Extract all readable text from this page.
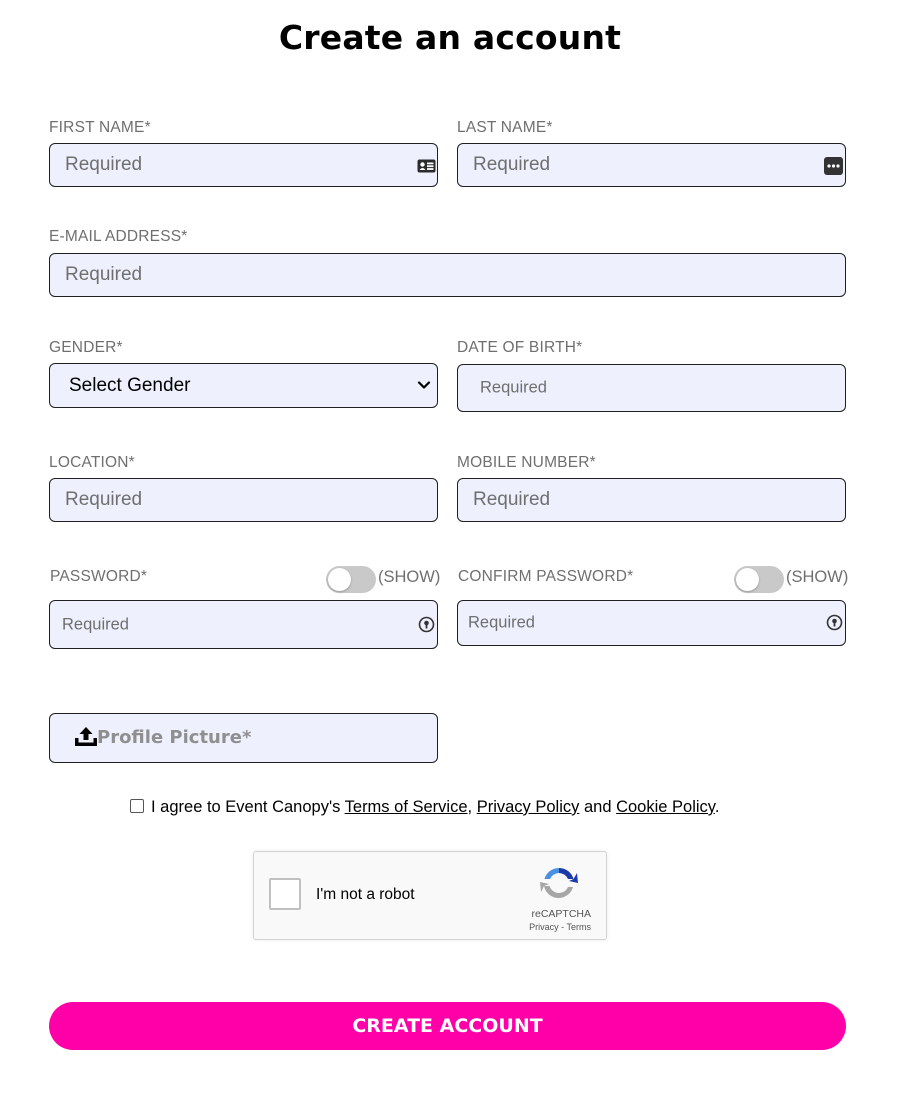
Create an account
FIRST NAME*
Required
LAST NAME*
Required
E-MAIL ADDRESS*
Required
GENDER*
Select Gender
DATE OF BIRTH*
Required
LOCATION*
Required
MOBILE NUMBER*
Required
PASSWORD*	(SHOW)
Required
CONFIRM PASSWORD*	(SHOW)
Required
Profile Picture*
I agree to Event Canopy's Terms of Service, Privacy Policy and Cookie Policy.
I'm not a robot
reCAPTCHA
Privacy - Terms
CREATE ACCOUNT
